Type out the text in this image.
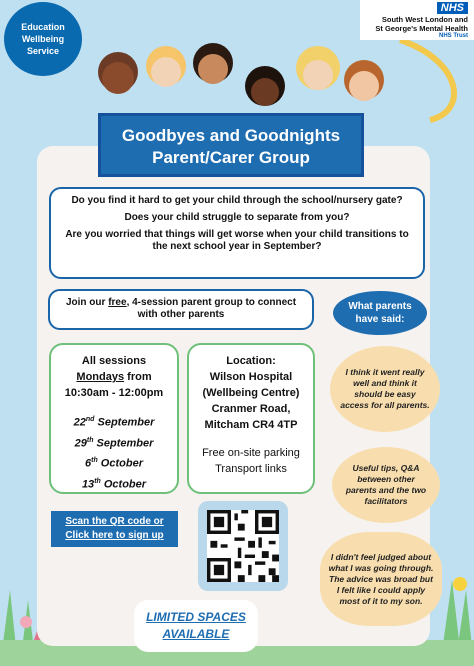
Education Wellbeing Service
NHS
South West London and
St George's Mental Health
NHS Trust
Goodbyes and Goodnights
Parent/Carer Group

Do you find it hard to get your child through the school/nursery gate?

Does your child struggle to separate from you?

Are you worried that things will get worse when your child transitions to the next school year in September?

Join our free, 4-session parent group to connect with other parents
What parents have said:
All sessions
Mondays from
10:30am - 12:00pm
22nd September
29th September
6th October
13th October
Location:
Wilson Hospital
(Wellbeing Centre)
Cranmer Road,
Mitcham CR4 4TP
Free on-site parking
Transport links
I think it went really well and think it should be easy access for all parents.
Useful tips, Q&A between other parents and the two facilitators
I didn't feel judged about what I was going through. The advice was broad but I felt like I could apply most of it to my son.
Scan the QR code or
Click here to sign up
LIMITED SPACES
AVAILABLE
